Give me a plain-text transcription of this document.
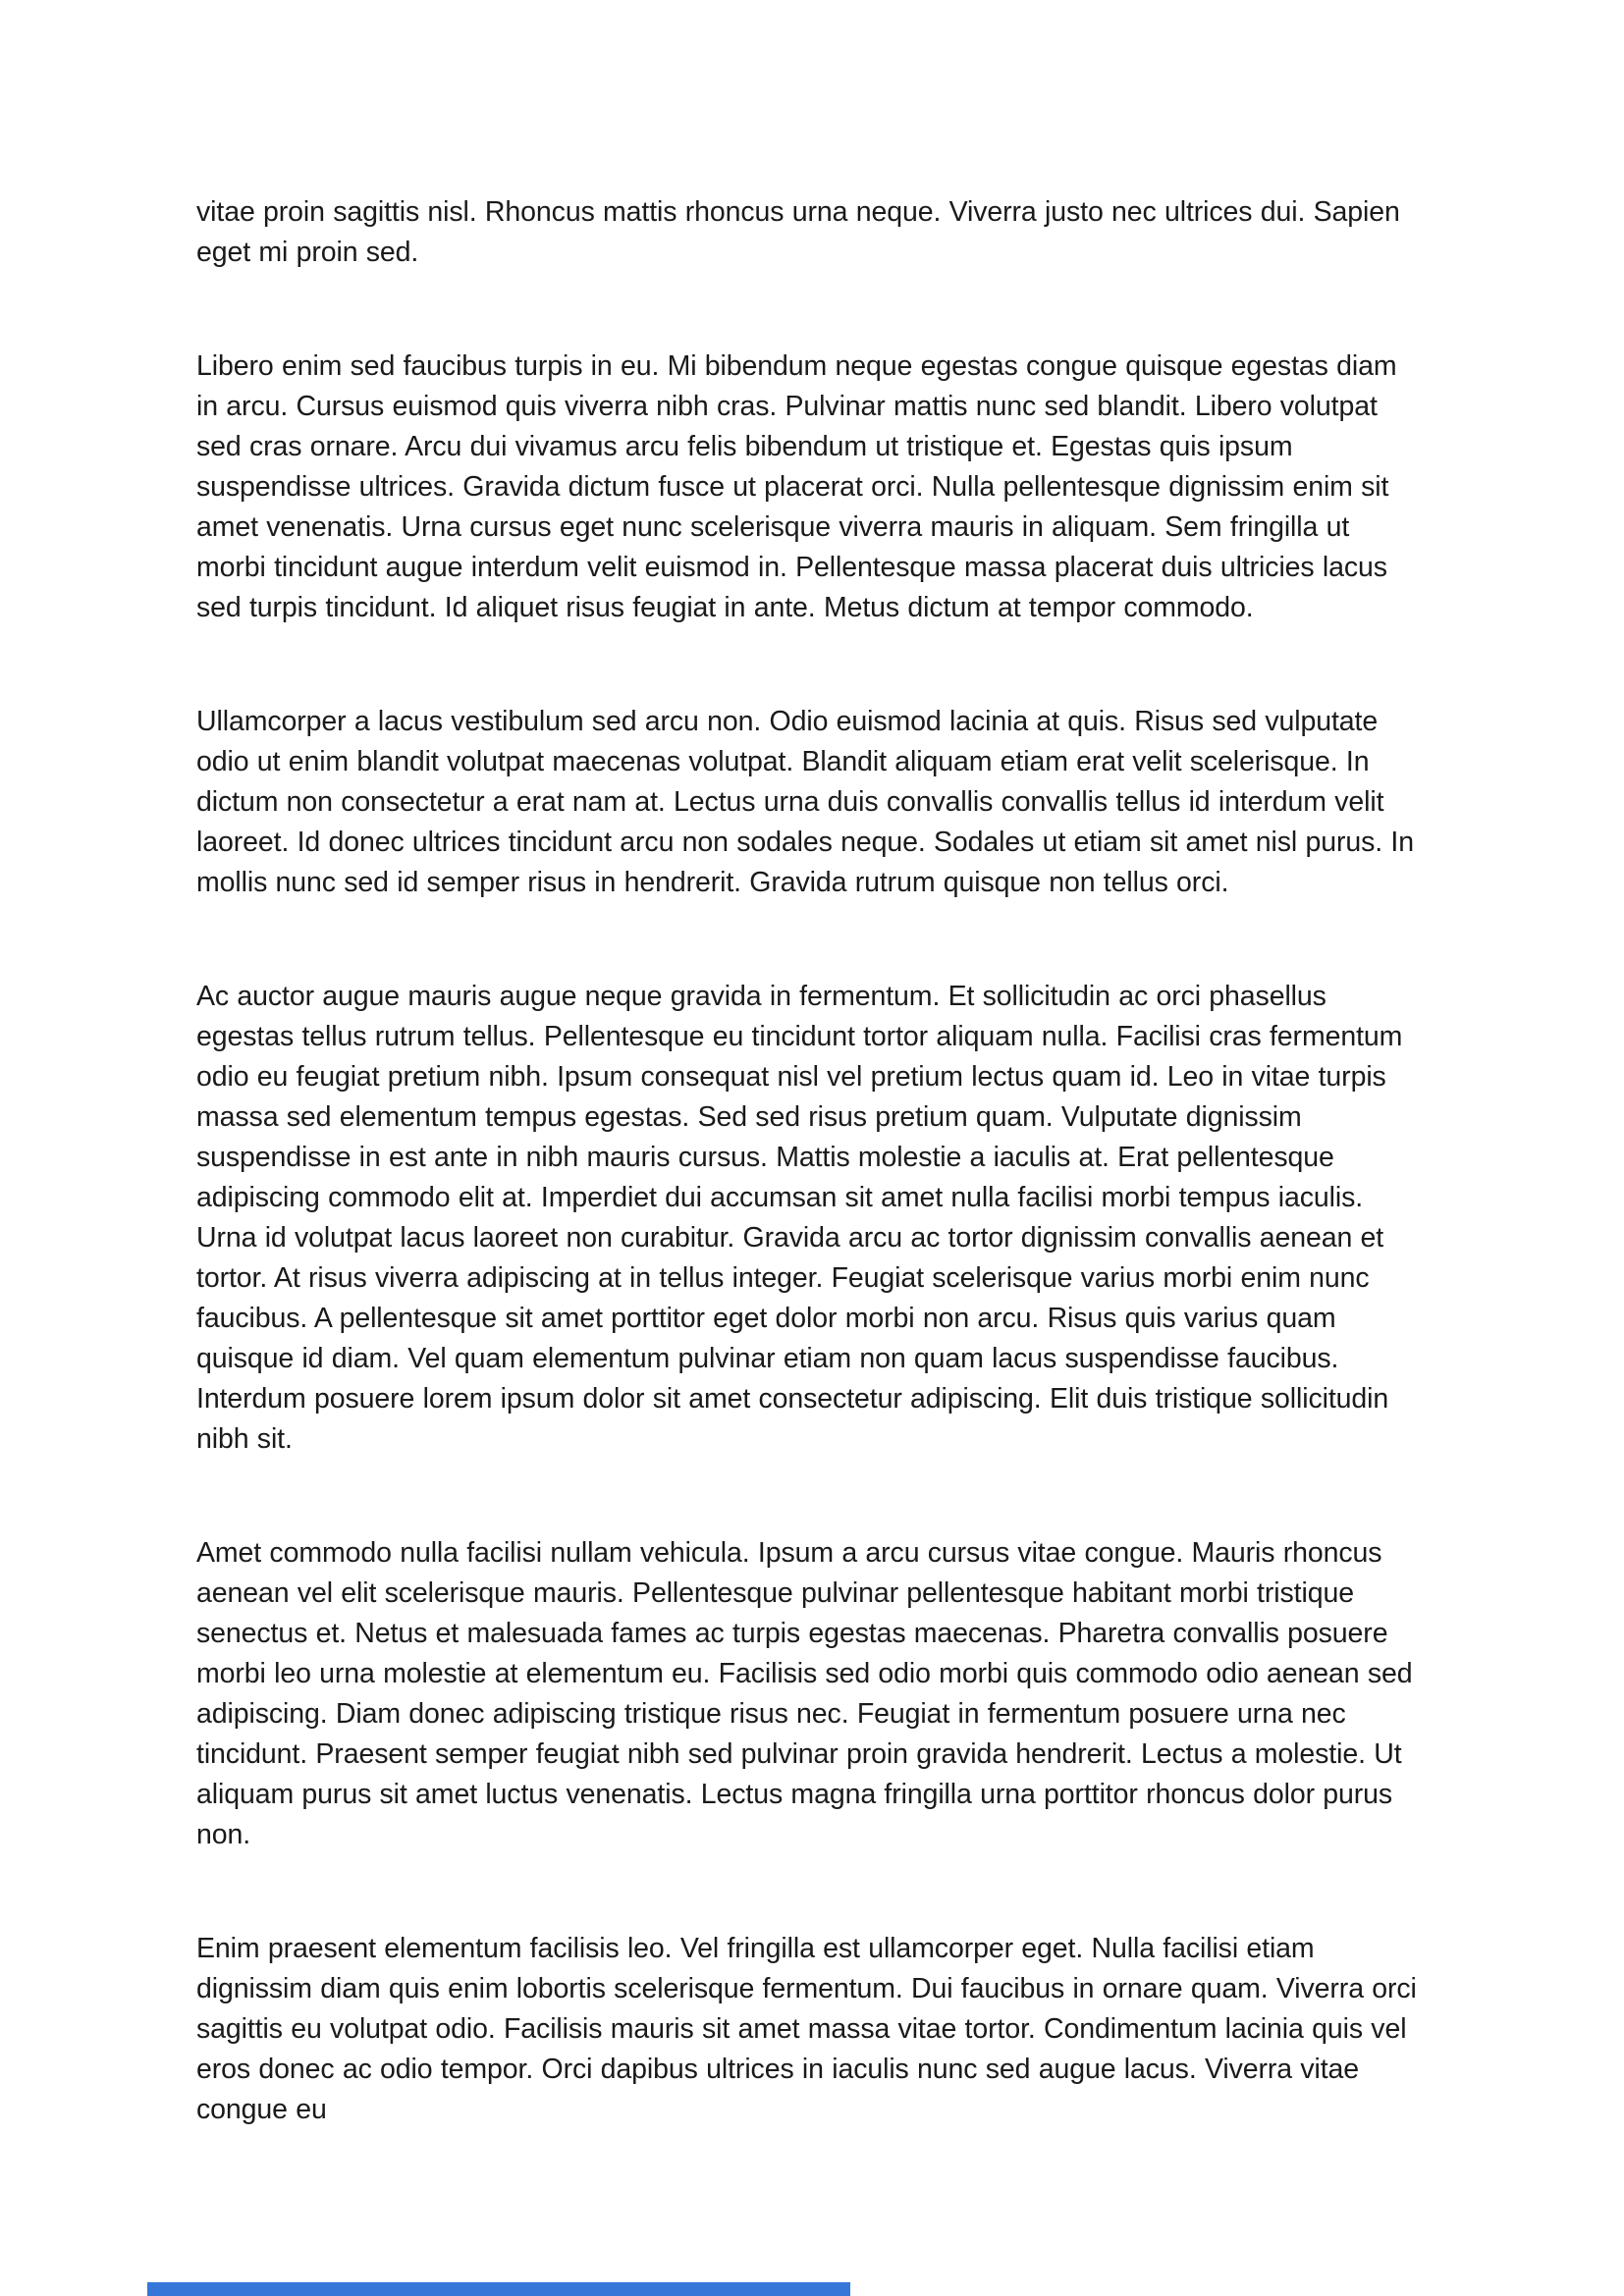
vitae proin sagittis nisl. Rhoncus mattis rhoncus urna neque. Viverra justo nec ultrices dui. Sapien eget mi proin sed.

Libero enim sed faucibus turpis in eu. Mi bibendum neque egestas congue quisque egestas diam in arcu. Cursus euismod quis viverra nibh cras. Pulvinar mattis nunc sed blandit. Libero volutpat sed cras ornare. Arcu dui vivamus arcu felis bibendum ut tristique et. Egestas quis ipsum suspendisse ultrices. Gravida dictum fusce ut placerat orci. Nulla pellentesque dignissim enim sit amet venenatis. Urna cursus eget nunc scelerisque viverra mauris in aliquam. Sem fringilla ut morbi tincidunt augue interdum velit euismod in. Pellentesque massa placerat duis ultricies lacus sed turpis tincidunt. Id aliquet risus feugiat in ante. Metus dictum at tempor commodo.

Ullamcorper a lacus vestibulum sed arcu non. Odio euismod lacinia at quis. Risus sed vulputate odio ut enim blandit volutpat maecenas volutpat. Blandit aliquam etiam erat velit scelerisque. In dictum non consectetur a erat nam at. Lectus urna duis convallis convallis tellus id interdum velit laoreet. Id donec ultrices tincidunt arcu non sodales neque. Sodales ut etiam sit amet nisl purus. In mollis nunc sed id semper risus in hendrerit. Gravida rutrum quisque non tellus orci.

Ac auctor augue mauris augue neque gravida in fermentum. Et sollicitudin ac orci phasellus egestas tellus rutrum tellus. Pellentesque eu tincidunt tortor aliquam nulla. Facilisi cras fermentum odio eu feugiat pretium nibh. Ipsum consequat nisl vel pretium lectus quam id. Leo in vitae turpis massa sed elementum tempus egestas. Sed sed risus pretium quam. Vulputate dignissim suspendisse in est ante in nibh mauris cursus. Mattis molestie a iaculis at. Erat pellentesque adipiscing commodo elit at. Imperdiet dui accumsan sit amet nulla facilisi morbi tempus iaculis. Urna id volutpat lacus laoreet non curabitur. Gravida arcu ac tortor dignissim convallis aenean et tortor. At risus viverra adipiscing at in tellus integer. Feugiat scelerisque varius morbi enim nunc faucibus. A pellentesque sit amet porttitor eget dolor morbi non arcu. Risus quis varius quam quisque id diam. Vel quam elementum pulvinar etiam non quam lacus suspendisse faucibus. Interdum posuere lorem ipsum dolor sit amet consectetur adipiscing. Elit duis tristique sollicitudin nibh sit.

Amet commodo nulla facilisi nullam vehicula. Ipsum a arcu cursus vitae congue. Mauris rhoncus aenean vel elit scelerisque mauris. Pellentesque pulvinar pellentesque habitant morbi tristique senectus et. Netus et malesuada fames ac turpis egestas maecenas. Pharetra convallis posuere morbi leo urna molestie at elementum eu. Facilisis sed odio morbi quis commodo odio aenean sed adipiscing. Diam donec adipiscing tristique risus nec. Feugiat in fermentum posuere urna nec tincidunt. Praesent semper feugiat nibh sed pulvinar proin gravida hendrerit. Lectus a molestie. Ut aliquam purus sit amet luctus venenatis. Lectus magna fringilla urna porttitor rhoncus dolor purus non.

Enim praesent elementum facilisis leo. Vel fringilla est ullamcorper eget. Nulla facilisi etiam dignissim diam quis enim lobortis scelerisque fermentum. Dui faucibus in ornare quam. Viverra orci sagittis eu volutpat odio. Facilisis mauris sit amet massa vitae tortor. Condimentum lacinia quis vel eros donec ac odio tempor. Orci dapibus ultrices in iaculis nunc sed augue lacus. Viverra vitae congue eu
